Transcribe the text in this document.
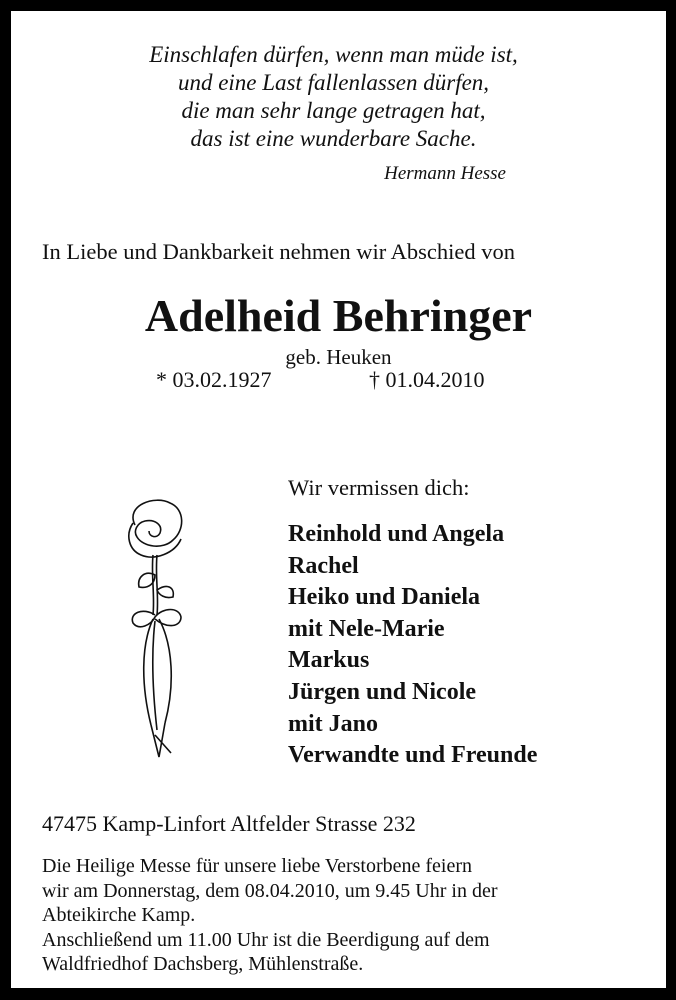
Einschlafen dürfen, wenn man müde ist,
und eine Last fallenlassen dürfen,
die man sehr lange getragen hat,
das ist eine wunderbare Sache.
Hermann Hesse
In Liebe und Dankbarkeit nehmen wir Abschied von
Adelheid Behringer
geb. Heuken
* 03.02.1927	† 01.04.2010
Wir vermissen dich:
Reinhold und Angela
Rachel
Heiko und Daniela
mit Nele-Marie
Markus
Jürgen und Nicole
mit Jano
Verwandte und Freunde
47475 Kamp-Linfort Altfelder Strasse 232
Die Heilige Messe für unsere liebe Verstorbene feiern
wir am Donnerstag, dem 08.04.2010, um 9.45 Uhr in der
Abteikirche Kamp.
Anschließend um 11.00 Uhr ist die Beerdigung auf dem
Waldfriedhof Dachsberg, Mühlenstraße.
